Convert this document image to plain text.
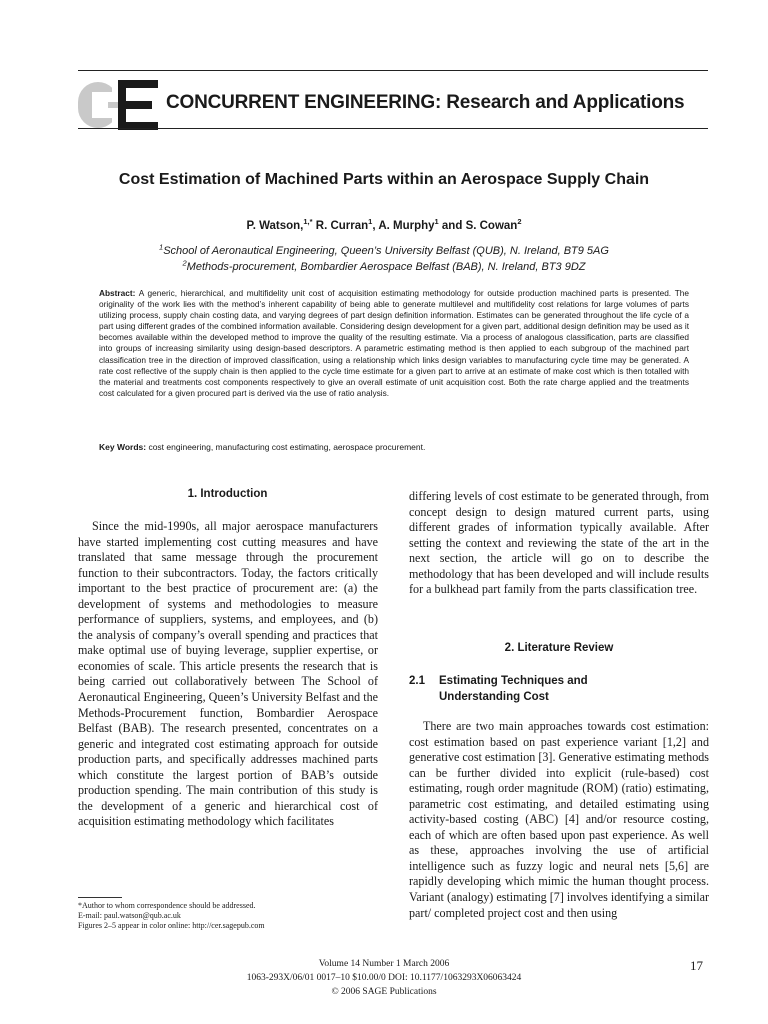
CONCURRENT ENGINEERING: Research and Applications
Cost Estimation of Machined Parts within an Aerospace Supply Chain
P. Watson,$^{1,*}$ R. Curran$^1$, A. Murphy$^1$ and S. Cowan$^2$
$^1$School of Aeronautical Engineering, Queen’s University Belfast (QUB), N. Ireland, BT9 5AG
$^2$Methods-procurement, Bombardier Aerospace Belfast (BAB), N. Ireland, BT3 9DZ
Abstract: A generic, hierarchical, and multifidelity unit cost of acquisition estimating methodology for outside production machined parts is presented. The originality of the work lies with the method’s inherent capability of being able to generate multilevel and multifidelity cost relations for large volumes of parts utilizing process, supply chain costing data, and varying degrees of part design definition information. Estimates can be generated throughout the life cycle of a part using different grades of the combined information available. Considering design development for a given part, additional design definition may be used as it becomes available within the developed method to improve the quality of the resulting estimate. Via a process of analogous classification, parts are classified into groups of increasing similarity using design-based descriptors. A parametric estimating method is then applied to each subgroup of the machined part classification tree in the direction of improved classification, using a relationship which links design variables to manufacturing cycle time may be generated. A rate cost reflective of the supply chain is then applied to the cycle time estimate for a given part to arrive at an estimate of make cost which is then totalled with the material and treatments cost components respectively to give an overall estimate of unit acquisition cost. Both the rate charge applied and the treatments cost calculated for a given procured part is derived via the use of ratio analysis.
Key Words: cost engineering, manufacturing cost estimating, aerospace procurement.
1. Introduction

Since the mid-1990s, all major aerospace manufacturers have started implementing cost cutting measures and have translated that same message through the procurement function to their subcontractors. Today, the factors critically important to the best practice of procurement are: (a) the development of systems and methodologies to measure performance of suppliers, systems, and employees, and (b) the analysis of company’s overall spending and practices that make optimal use of buying leverage, supplier expertise, or economies of scale. This article presents the research that is being carried out collaboratively between The School of Aeronautical Engineering, Queen’s University Belfast and the Methods-Procurement function, Bombardier Aerospace Belfast (BAB). The research presented, concentrates on a generic and integrated cost estimating approach for outside production parts, and specifically addresses machined parts which constitute the largest portion of BAB’s outside production spending. The main contribution of this study is the development of a generic and hierarchical cost of acquisition estimating methodology which facilitates

differing levels of cost estimate to be generated through, from concept design to design matured current parts, using different grades of information typically available. After setting the context and reviewing the state of the art in the next section, the article will go on to describe the methodology that has been developed and will include results for a bulkhead part family from the parts classification tree.

2. Literature Review
2.1 Estimating Techniques and
Understanding Cost

There are two main approaches towards cost estimation: cost estimation based on past experience variant [1,2] and generative cost estimation [3]. Generative estimating methods can be further divided into explicit (rule-based) cost estimating, rough order magnitude (ROM) (ratio) estimating, parametric cost estimating, and detailed estimating using activity-based costing (ABC) [4] and/or resource costing, each of which are often based upon past experience. As well as these, approaches involving the use of artificial intelligence such as fuzzy logic and neural nets [5,6] are rapidly developing which mimic the human thought process. Variant (analogy) estimating [7] involves identifying a similar part/ completed project cost and then using

*Author to whom correspondence should be addressed.
E-mail: paul.watson@qub.ac.uk
Figures 2–5 appear in color online: http://cer.sagepub.com
Volume 14 Number 1 March 2006
1063-293X/06/01 0017–10 $10.00/0 DOI: 10.1177/1063293X06063424
© 2006 SAGE Publications
17
